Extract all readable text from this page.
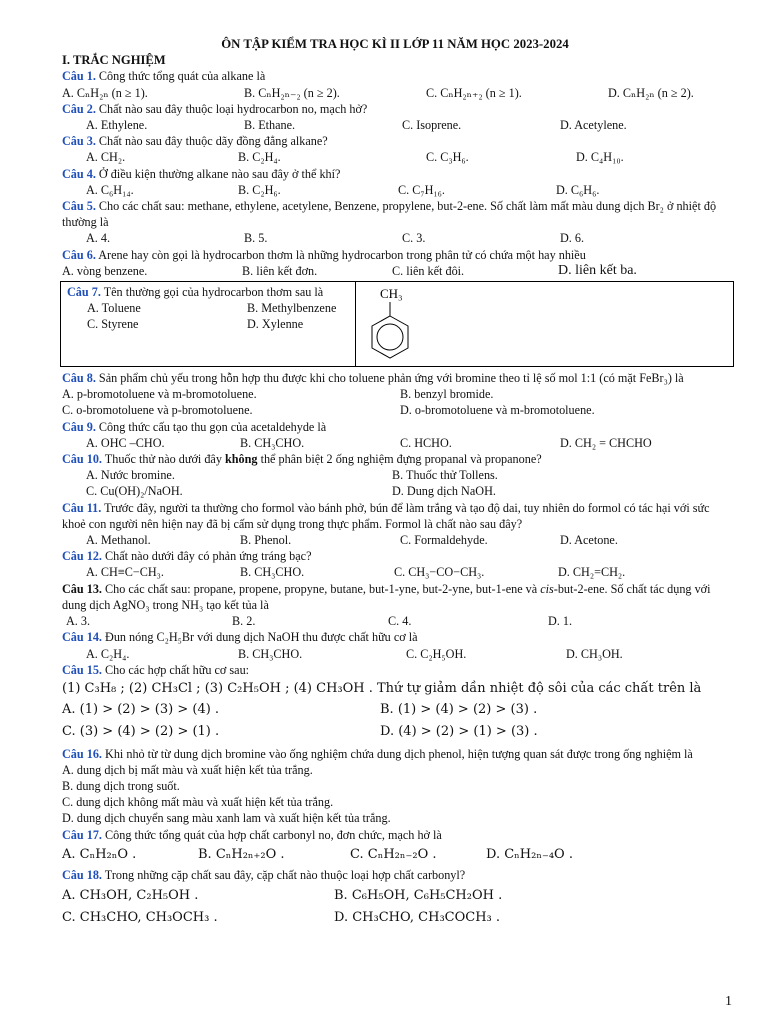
ÔN TẬP KIỂM TRA HỌC KÌ II LỚP 11 NĂM HỌC 2023-2024
I. TRẮC NGHIỆM
Câu 1. Công thức tổng quát của alkane là
A. CₙH₂ₙ (n ≥ 1).	B. CₙH₂ₙ₋₂ (n ≥ 2).	C. CₙH₂ₙ₊₂ (n ≥ 1).	D. CₙH₂ₙ (n ≥ 2).
Câu 2. Chất nào sau đây thuộc loại hydrocarbon no, mạch hở?
A. Ethylene.	B. Ethane.	C. Isoprene.	D. Acetylene.
Câu 3. Chất nào sau đây thuộc dãy đồng đẳng alkane?
A. CH₂.	B. C₂H₄.	C. C₃H₆.	D. C₄H₁₀.
Câu 4. Ở điều kiện thường alkane nào sau đây ở thể khí?
A. C₆H₁₄.	B. C₂H₆.	C. C₇H₁₆.	D. C₆H₆.
Câu 5. Cho các chất sau: methane, ethylene, acetylene, Benzene, propylene, but-2-ene. Số chất làm mất màu dung dịch Br₂ ở nhiệt độ thường là
A. 4.	B. 5.	C. 3.	D. 6.
Câu 6. Arene hay còn gọi là hydrocarbon thơm là những hydrocarbon trong phân tử có chứa một hay nhiều
A. vòng benzene.	B. liên kết đơn.	C. liên kết đôi.	D. liên kết ba.
Câu 7. Tên thường gọi của hydrocarbon thơm sau là
A. Toluene	B. Methylbenzene
C. Styrene	D. Xylenne
CH₃
Câu 8. Sản phẩm chủ yếu trong hỗn hợp thu được khi cho toluene phản ứng với bromine theo tỉ lệ số mol 1:1 (có mặt FeBr₃) là
A. p-bromotoluene và m-bromotoluene.	B. benzyl bromide.
C. o-bromotoluene và p-bromotoluene.	D. o-bromotoluene và m-bromotoluene.
Câu 9. Công thức cấu tạo thu gọn của acetaldehyde là
A. OHC –CHO.	B. CH₃CHO.	C. HCHO.	D. CH₂ = CHCHO
Câu 10. Thuốc thử nào dưới đây không thể phân biệt 2 ống nghiệm đựng propanal và propanone?
A. Nước bromine.	B. Thuốc thử Tollens.
C. Cu(OH)₂/NaOH.	D. Dung dịch NaOH.
Câu 11. Trước đây, người ta thường cho formol vào bánh phở, bún để làm trắng và tạo độ dai, tuy nhiên do formol có tác hại với sức khoẻ con người nên hiện nay đã bị cấm sử dụng trong thực phẩm. Formol là chất nào sau đây?
A. Methanol.	B. Phenol.	C. Formaldehyde.	D. Acetone.
Câu 12. Chất nào dưới đây có phản ứng tráng bạc?
A. CH≡C−CH₃.	B. CH₃CHO.	C. CH₃−CO−CH₃.	D. CH₂=CH₂.
Câu 13. Cho các chất sau: propane, propene, propyne, butane, but-1-yne, but-2-yne, but-1-ene và cis-but-2-ene. Số chất tác dụng với dung dịch AgNO₃ trong NH₃ tạo kết tủa là
A. 3.	B. 2.	C. 4.	D. 1.
Câu 14. Đun nóng C₂H₅Br với dung dịch NaOH thu được chất hữu cơ là
A. C₂H₄.	B. CH₃CHO.	C. C₂H₅OH.	D. CH₃OH.
Câu 15. Cho các hợp chất hữu cơ sau:
(1) C₃H₈ ; (2) CH₃Cl ; (3) C₂H₅OH ; (4) CH₃OH . Thứ tự giảm dần nhiệt độ sôi của các chất trên là
A. (1) > (2) > (3) > (4) .	B. (1) > (4) > (2) > (3) .
C. (3) > (4) > (2) > (1) .	D. (4) > (2) > (1) > (3) .
Câu 16. Khi nhỏ từ từ dung dịch bromine vào ống nghiệm chứa dung dịch phenol, hiện tượng quan sát được trong ống nghiệm là
A. dung dịch bị mất màu và xuất hiện kết tủa trắng.
B. dung dịch trong suốt.
C. dung dịch không mất màu và xuất hiện kết tủa trắng.
D. dung dịch chuyển sang màu xanh lam và xuất hiện kết tủa trắng.
Câu 17. Công thức tổng quát của hợp chất carbonyl no, đơn chức, mạch hở là
A. CₙH₂ₙO .	B. CₙH₂ₙ₊₂O .	C. CₙH₂ₙ₋₂O .	D. CₙH₂ₙ₋₄O .
Câu 18. Trong những cặp chất sau đây, cặp chất nào thuộc loại hợp chất carbonyl?
A. CH₃OH, C₂H₅OH .	B. C₆H₅OH, C₆H₅CH₂OH .
C. CH₃CHO, CH₃OCH₃ .	D. CH₃CHO, CH₃COCH₃ .
1
